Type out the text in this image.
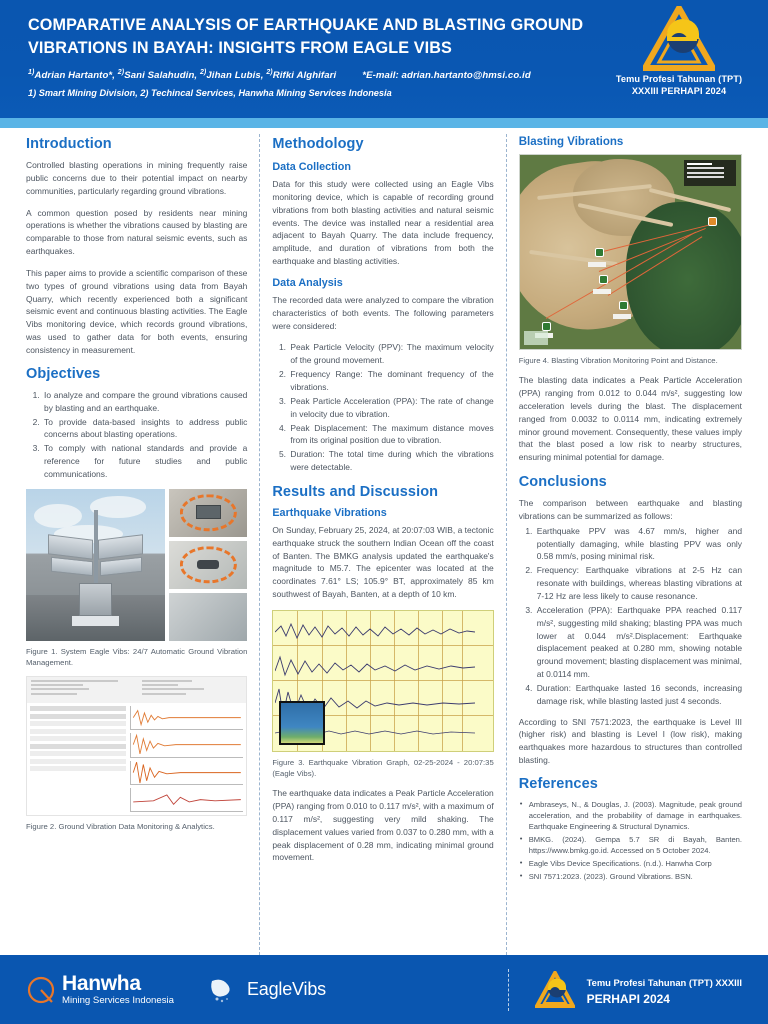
COMPARATIVE ANALYSIS OF EARTHQUAKE AND BLASTING GROUND VIBRATIONS IN BAYAH: INSIGHTS FROM EAGLE VIBS
$^{1)}$Adrian Hartanto*, $^{2)}$Sani Salahudin, $^{2)}$Jihan Lubis, $^{2)}$Rifki Alghifari	*E-mail: adrian.hartanto@hmsi.co.id
1) Smart Mining Division, 2) Techincal Services, Hanwha Mining Services Indonesia
Temu Profesi Tahunan (TPT)
XXXIII PERHAPI 2024
Introduction

Controlled blasting operations in mining frequently raise public concerns due to their potential impact on nearby communities, particularly regarding ground vibrations.

A common question posed by residents near mining operations is whether the vibrations caused by blasting are comparable to those from natural seismic events, such as earthquakes.

This paper aims to provide a scientific comparison of these two types of ground vibrations using data from Bayah Quarry, which recently experienced both a significant seismic event and continuous blasting activities. The Eagle Vibs monitoring device, which records ground vibrations, was used to gather data for both events, ensuring consistency in measurement.

Objectives
1. Io analyze and compare the ground vibrations caused by blasting and an earthquake.
2. To provide data-based insights to address public concerns about blasting operations.
3. To comply with national standards and provide a reference for future studies and public communications.
Figure 1. System Eagle Vibs: 24/7 Automatic Ground Vibration Management.
Figure 2. Ground Vibration Data Monitoring & Analytics.
Methodology
Data Collection

Data for this study were collected using an Eagle Vibs monitoring device, which is capable of recording ground vibrations from both blasting activities and natural seismic events. The device was installed near a residential area adjacent to Bayah Quarry. The data include frequency, amplitude, and duration of vibrations from both the earthquake and blasting activities.

Data Analysis

The recorded data were analyzed to compare the vibration characteristics of both events. The following parameters were considered:

1. Peak Particle Velocity (PPV): The maximum velocity of the ground movement.
2. Frequency Range: The dominant frequency of the vibrations.
3. Peak Particle Acceleration (PPA): The rate of change in velocity due to vibration.
4. Peak Displacement: The maximum distance moves from its original position due to vibration.
5. Duration: The total time during which the vibrations were detectable.
Results and Discussion
Earthquake Vibrations

On Sunday, February 25, 2024, at 20:07:03 WIB, a tectonic earthquake struck the southern Indian Ocean off the coast of Banten. The BMKG analysis updated the earthquake's magnitude to M5.7. The epicenter was located at the coordinates 7.61° LS; 105.9° BT, approximately 85 km southwest of Bayah, Banten, at a depth of 10 km.

Figure 3. Earthquake Vibration Graph, 02-25-2024 - 20:07:35 (Eagle Vibs).

The earthquake data indicates a Peak Particle Acceleration (PPA) ranging from 0.010 to 0.117 m/s², with a maximum of 0.117 m/s², suggesting very mild shaking. The displacement values varied from 0.037 to 0.280 mm, with a peak displacement of 0.28 mm, indicating minimal ground movement.

Blasting Vibrations
Figure 4. Blasting Vibration Monitoring Point and Distance.

The blasting data indicates a Peak Particle Acceleration (PPA) ranging from 0.012 to 0.044 m/s², suggesting low acceleration levels during the blast. The displacement ranged from 0.0032 to 0.0114 mm, indicating extremely minor ground movement. Consequently, these values imply that the blast posed a low risk to nearby structures, ensuring minimal potential for damage.

Conclusions

The comparison between earthquake and blasting vibrations can be summarized as follows:

1. Earthquake PPV was 4.67 mm/s, higher and potentially damaging, while blasting PPV was only 0.58 mm/s, posing minimal risk.
2. Frequency: Earthquake vibrations at 2-5 Hz can resonate with buildings, whereas blasting vibrations at 7-12 Hz are less likely to cause resonance.
3. Acceleration (PPA): Earthquake PPA reached 0.117 m/s², suggesting mild shaking; blasting PPA was much lower at 0.044 m/s².Displacement: Earthquake displacement peaked at 0.280 mm, showing notable ground movement; blasting displacement was minimal, at 0.0114 mm.
4. Duration: Earthquake lasted 16 seconds, increasing damage risk, while blasting lasted just 4 seconds.

According to SNI 7571:2023, the earthquake is Level III (higher risk) and blasting is Level I (low risk), making earthquakes more hazardous to structures than controlled blasting.

References
• Ambraseys, N., & Douglas, J. (2003). Magnitude, peak ground acceleration, and the probability of damage in earthquakes. Earthquake Engineering & Structural Dynamics.
• BMKG. (2024). Gempa 5.7 SR di Bayah, Banten. https://www.bmkg.go.id. Accessed on 5 October 2024.
• Eagle Vibs Device Specifications. (n.d.). Hanwha Corp
• SNI 7571:2023. (2023). Ground Vibrations. BSN.
Hanwha
Mining Services Indonesia
EagleVibs	Temu Profesi Tahunan (TPT) XXXIII
PERHAPI 2024
